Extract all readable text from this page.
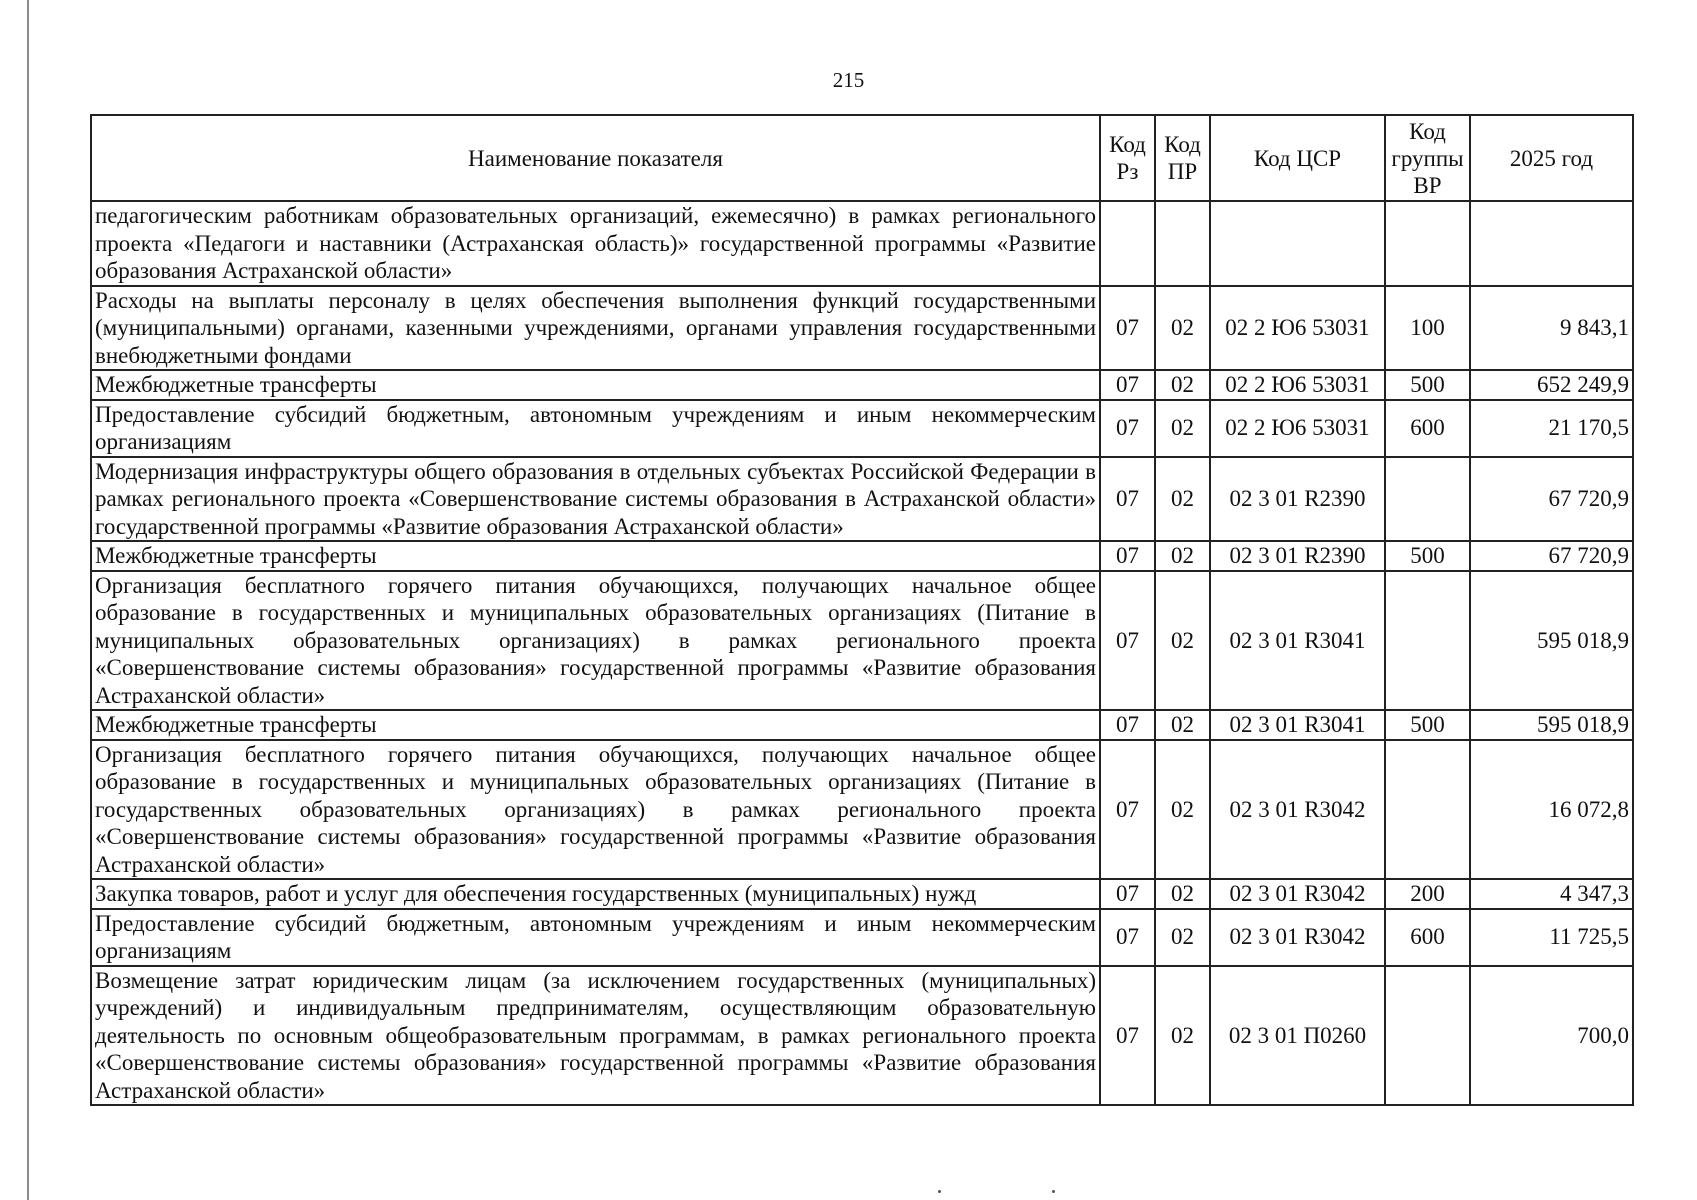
215
Наименование показателя	Код Рз	Код ПР	Код ЦСР	Код группы ВР	2025 год
педагогическим работникам образовательных организаций, ежемесячно) в рамках регионального проекта «Педагоги и наставники (Астраханская область)» государственной программы «Развитие образования Астраханской области»					
Расходы на выплаты персоналу в целях обеспечения выполнения функций государственными (муниципальными) органами, казенными учреждениями, органами управления государственными внебюджетными фондами	07	02	02 2 Ю6 53031	100	9 843,1
Межбюджетные трансферты	07	02	02 2 Ю6 53031	500	652 249,9
Предоставление субсидий бюджетным, автономным учреждениям и иным некоммерческим организациям	07	02	02 2 Ю6 53031	600	21 170,5
Модернизация инфраструктуры общего образования в отдельных субъектах Российской Федерации в рамках регионального проекта «Совершенствование системы образования в Астраханской области» государственной программы «Развитие образования Астраханской области»	07	02	02 3 01 R2390		67 720,9
Межбюджетные трансферты	07	02	02 3 01 R2390	500	67 720,9
Организация бесплатного горячего питания обучающихся, получающих начальное общее образование в государственных и муниципальных образовательных организациях (Питание в муниципальных образовательных организациях) в рамках регионального проекта «Совершенствование системы образования» государственной программы «Развитие образования Астраханской области»	07	02	02 3 01 R3041		595 018,9
Межбюджетные трансферты	07	02	02 3 01 R3041	500	595 018,9
Организация бесплатного горячего питания обучающихся, получающих начальное общее образование в государственных и муниципальных образовательных организациях (Питание в государственных образовательных организациях) в рамках регионального проекта «Совершенствование системы образования» государственной программы «Развитие образования Астраханской области»	07	02	02 3 01 R3042		16 072,8
Закупка товаров, работ и услуг для обеспечения государственных (муниципальных) нужд	07	02	02 3 01 R3042	200	4 347,3
Предоставление субсидий бюджетным, автономным учреждениям и иным некоммерческим организациям	07	02	02 3 01 R3042	600	11 725,5
Возмещение затрат юридическим лицам (за исключением государственных (муниципальных) учреждений) и индивидуальным предпринимателям, осуществляющим образовательную деятельность по основным общеобразовательным программам, в рамках регионального проекта «Совершенствование системы образования» государственной программы «Развитие образования Астраханской области»	07	02	02 3 01 П0260		700,0
